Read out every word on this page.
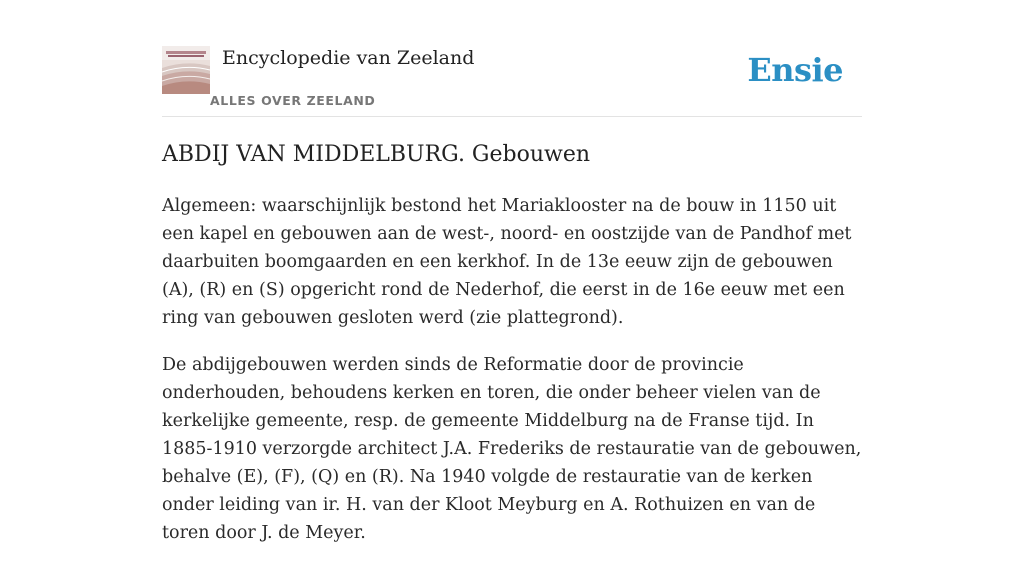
Encyclopedie van Zeeland
ALLES OVER ZEELAND
Ensie
ABDIJ VAN MIDDELBURG. Gebouwen

Algemeen: waarschijnlijk bestond het Mariaklooster na de bouw in 1150 uit een kapel en gebouwen aan de west-, noord- en oostzijde van de Pandhof met daarbuiten boomgaarden en een kerkhof. In de 13e eeuw zijn de gebouwen (A), (R) en (S) opgericht rond de Nederhof, die eerst in de 16e eeuw met een ring van gebouwen gesloten werd (zie plattegrond).

De abdijgebouwen werden sinds de Reformatie door de provincie onderhouden, behoudens kerken en toren, die onder beheer vielen van de kerkelijke gemeente, resp. de gemeente Middelburg na de Franse tijd. In 1885-1910 verzorgde architect J.A. Frederiks de restauratie van de gebouwen, behalve (E), (F), (Q) en (R). Na 1940 volgde de restauratie van de kerken onder leiding van ir. H. van der Kloot Meyburg en A. Rothuizen en van de toren door J. de Meyer.
